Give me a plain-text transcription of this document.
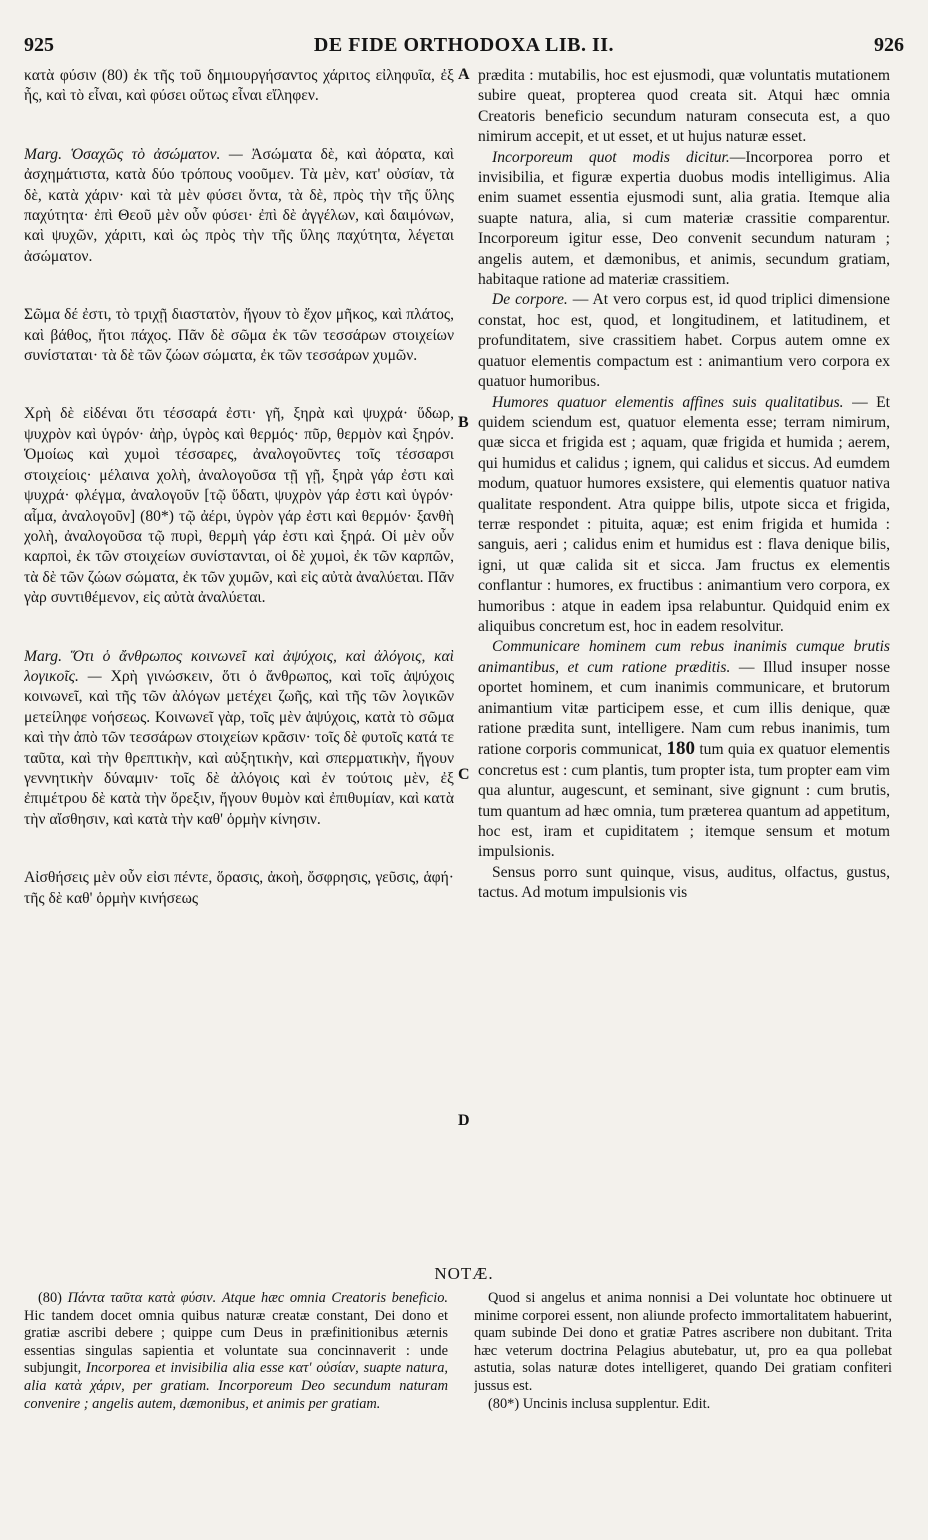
925	DE FIDE ORTHODOXA LIB. II.	926

κατὰ φύσιν (80) ἐκ τῆς τοῦ δημιουργήσαντος χάριτος εἰληφυῖα, ἐξ ἧς, καὶ τὸ εἶναι, καὶ φύσει οὕτως εἶναι εἴληφεν.

Marg. Ὁσαχῶς τὸ ἀσώματον. — Ἀσώματα δὲ, καὶ ἀόρατα, καὶ ἀσχημάτιστα, κατὰ δύο τρόπους νοοῦμεν. Τὰ μὲν, κατ' οὐσίαν, τὰ δὲ, κατὰ χάριν· καὶ τὰ μὲν φύσει ὄντα, τὰ δὲ, πρὸς τὴν τῆς ὕλης παχύτητα· ἐπὶ Θεοῦ μὲν οὖν φύσει· ἐπὶ δὲ ἀγγέλων, καὶ δαιμόνων, καὶ ψυχῶν, χάριτι, καὶ ὡς πρὸς τὴν τῆς ὕλης παχύτητα, λέγεται ἀσώματον.

Σῶμα δέ ἐστι, τὸ τριχῇ διαστατὸν, ἤγουν τὸ ἔχον μῆκος, καὶ πλάτος, καὶ βάθος, ἤτοι πάχος. Πᾶν δὲ σῶμα ἐκ τῶν τεσσάρων στοιχείων συνίσταται· τὰ δὲ τῶν ζώων σώματα, ἐκ τῶν τεσσάρων χυμῶν.

Χρὴ δὲ εἰδέναι ὅτι τέσσαρά ἐστι· γῆ, ξηρὰ καὶ ψυχρά· ὕδωρ, ψυχρὸν καὶ ὑγρόν· ἀὴρ, ὑγρὸς καὶ θερμός· πῦρ, θερμὸν καὶ ξηρόν. Ὁμοίως καὶ χυμοὶ τέσσαρες, ἀναλογοῦντες τοῖς τέσσαρσι στοιχείοις· μέλαινα χολὴ, ἀναλογοῦσα τῇ γῇ, ξηρὰ γάρ ἐστι καὶ ψυχρά· φλέγμα, ἀναλογοῦν [τῷ ὕδατι, ψυχρὸν γάρ ἐστι καὶ ὑγρόν· αἷμα, ἀναλογοῦν] (80*) τῷ ἀέρι, ὑγρὸν γάρ ἐστι καὶ θερμόν· ξανθὴ χολὴ, ἀναλογοῦσα τῷ πυρὶ, θερμὴ γάρ ἐστι καὶ ξηρά. Οἱ μὲν οὖν καρποὶ, ἐκ τῶν στοιχείων συνίστανται, οἱ δὲ χυμοὶ, ἐκ τῶν καρπῶν, τὰ δὲ τῶν ζώων σώματα, ἐκ τῶν χυμῶν, καὶ εἰς αὐτὰ ἀναλύεται. Πᾶν γὰρ συντιθέμενον, εἰς αὐτὰ ἀναλύεται.

Marg. Ὅτι ὁ ἄνθρωπος κοινωνεῖ καὶ ἀψύχοις, καὶ ἀλόγοις, καὶ λογικοῖς. — Χρὴ γινώσκειν, ὅτι ὁ ἄνθρωπος, καὶ τοῖς ἀψύχοις κοινωνεῖ, καὶ τῆς τῶν ἀλόγων μετέχει ζωῆς, καὶ τῆς τῶν λογικῶν μετείληφε νοήσεως. Κοινωνεῖ γὰρ, τοῖς μὲν ἀψύχοις, κατὰ τὸ σῶμα καὶ τὴν ἀπὸ τῶν τεσσάρων στοιχείων κρᾶσιν· τοῖς δὲ φυτοῖς κατά τε ταῦτα, καὶ τὴν θρεπτικὴν, καὶ αὐξητικὴν, καὶ σπερματικὴν, ἤγουν γεννητικὴν δύναμιν· τοῖς δὲ ἀλόγοις καὶ ἐν τούτοις μὲν, ἐξ ἐπιμέτρου δὲ κατὰ τὴν ὄρεξιν, ἤγουν θυμὸν καὶ ἐπιθυμίαν, καὶ κατὰ τὴν αἴσθησιν, καὶ κατὰ τὴν καθ' ὁρμὴν κίνησιν.

Αἰσθήσεις μὲν οὖν εἰσι πέντε, ὅρασις, ἀκοὴ, ὄσφρησις, γεῦσις, ἁφή· τῆς δὲ καθ' ὁρμὴν κινήσεως

A
B
C
D

prædita : mutabilis, hoc est ejusmodi, quæ voluntatis mutationem subire queat, propterea quod creata sit. Atqui hæc omnia Creatoris beneficio secundum naturam consecuta est, a quo nimirum accepit, et ut esset, et ut hujus naturæ esset.

Incorporeum quot modis dicitur.—Incorporea porro et invisibilia, et figuræ expertia duobus modis intelligimus. Alia enim suamet essentia ejusmodi sunt, alia gratia. Itemque alia suapte natura, alia, si cum materiæ crassitie comparentur. Incorporeum igitur esse, Deo convenit secundum naturam ; angelis autem, et dæmonibus, et animis, secundum gratiam, habitaque ratione ad materiæ crassitiem.

De corpore. — At vero corpus est, id quod triplici dimensione constat, hoc est, quod, et longitudinem, et latitudinem, et profunditatem, sive crassitiem habet. Corpus autem omne ex quatuor elementis compactum est : animantium vero corpora ex quatuor humoribus.

Humores quatuor elementis affines suis qualitatibus. — Et quidem sciendum est, quatuor elementa esse; terram nimirum, quæ sicca et frigida est ; aquam, quæ frigida et humida ; aerem, qui humidus et calidus ; ignem, qui calidus et siccus. Ad eumdem modum, quatuor humores exsistere, qui elementis quatuor nativa qualitate respondent. Atra quippe bilis, utpote sicca et frigida, terræ respondet : pituita, aquæ; est enim frigida et humida : sanguis, aeri ; calidus enim et humidus est : flava denique bilis, igni, ut quæ calida sit et sicca. Jam fructus ex elementis conflantur : humores, ex fructibus : animantium vero corpora, ex humoribus : atque in eadem ipsa relabuntur. Quidquid enim ex aliquibus concretum est, hoc in eadem resolvitur.

Communicare hominem cum rebus inanimis cumque brutis animantibus, et cum ratione præditis. — Illud insuper nosse oportet hominem, et cum inanimis communicare, et brutorum animantium vitæ participem esse, et cum illis denique, quæ ratione prædita sunt, intelligere. Nam cum rebus inanimis, tum ratione corporis communicat, 180 tum quia ex quatuor elementis concretus est : cum plantis, tum propter ista, tum propter eam vim qua aluntur, augescunt, et seminant, sive gignunt : cum brutis, tum quantum ad hæc omnia, tum præterea quantum ad appetitum, hoc est, iram et cupiditatem ; itemque sensum et motum impulsionis.

Sensus porro sunt quinque, visus, auditus, olfactus, gustus, tactus. Ad motum impulsionis vis

NOTÆ.

(80) Πάντα ταῦτα κατὰ φύσιν. Atque hæc omnia Creatoris beneficio. Hic tandem docet omnia quibus naturæ creatæ constant, Dei dono et gratiæ ascribi debere ; quippe cum Deus in præfinitionibus æternis essentias singulas sapientia et voluntate sua concinnaverit : unde subjungit, Incorporea et invisibilia alia esse κατ' οὐσίαν, suapte natura, alia κατὰ χάριν, per gratiam. Incorporeum Deo secundum naturam convenire ; angelis autem, dæmonibus, et animis per gratiam.

Quod si angelus et anima nonnisi a Dei voluntate hoc obtinuere ut minime corporei essent, non aliunde profecto immortalitatem habuerint, quam subinde Dei dono et gratiæ Patres ascribere non dubitant. Trita hæc veterum doctrina Pelagius abutebatur, ut, pro ea qua pollebat astutia, solas naturæ dotes intelligeret, quando Dei gratiam confiteri jussus est.

(80*) Uncinis inclusa supplentur. Edit.
